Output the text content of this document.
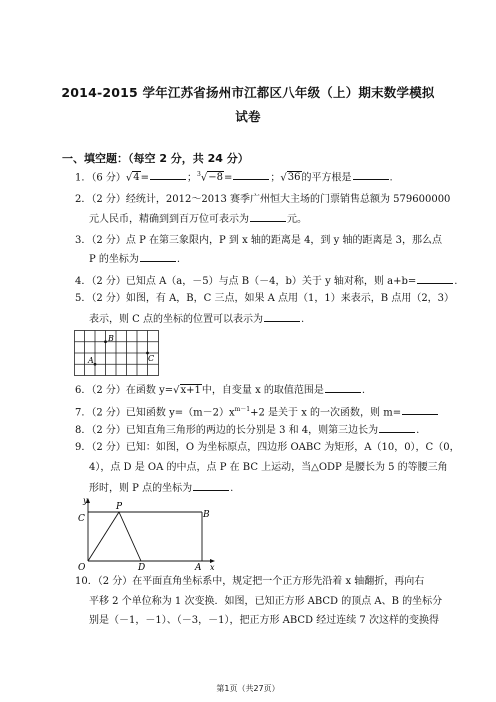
2014-2015 学年江苏省扬州市江都区八年级（上）期末数学模拟
试卷
一、填空题：（每空 2 分，共 24 分）
1．（6 分）√4=	；$^3$√−8=	；√36的平方根是	.
2．（2 分）经统计，2012～2013 赛季广州恒大主场的门票销售总额为 579600000
元人民币，精确到到百万位可表示为	元。
3．（2 分）点 P 在第三象限内，P 到 x 轴的距离是 4，到 y 轴的距离是 3，那么点
P 的坐标为	.
4．（2 分）已知点 A（a，－5）与点 B（－4，b）关于 y 轴对称，则 a+b=	.
5．（2 分）如图，有 A，B，C 三点，如果 A 点用（1，1）来表示，B 点用（2，3）
表示，则 C 点的坐标的位置可以表示为	.
A
B
C
6．（2 分）在函数 y=√x+1中，自变量 x 的取值范围是	.
7．（2 分）已知函数 $y=(m-2)x^{m-1}+2$ 是关于 x 的一次函数，则 m=
8．（2 分）已知直角三角形的两边的长分别是 3 和 4，则第三边长为	.
9．（2 分）已知：如图，O 为坐标原点，四边形 OABC 为矩形，A（10，0），C（0，
4），点 D 是 OA 的中点，点 P 在 BC 上运动，当△ODP 是腰长为 5 的等腰三角
形时，则 P 点的坐标为	.
y
x
C
P
B
O	D	A
10．（2 分）在平面直角坐标系中，规定把一个正方形先沿着 x 轴翻折，再向右
平移 2 个单位称为 1 次变换．如图，已知正方形 ABCD 的顶点 A、B 的坐标分
别是（－1，－1）、（－3，－1），把正方形 ABCD 经过连续 7 次这样的变换得
第1页（共27页）
